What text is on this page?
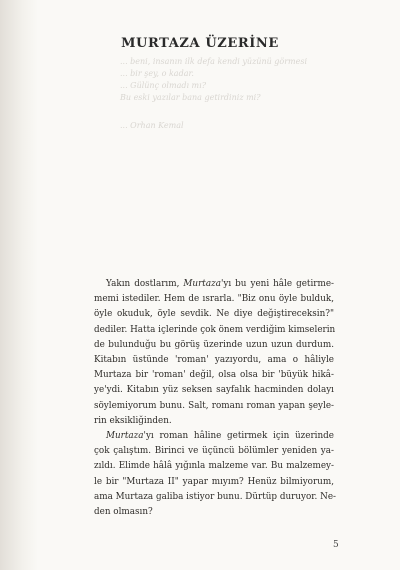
MURTAZA ÜZERİNE
... beni, insanın ilk defa kendi yüzünü görmesi
... bir şey, o kadar.
... Gülünç olmadı mı?
Bu eski yazılar bana getirdiniz mi?
... Orhan Kemal
Yakın dostlarım, Murtaza'yı bu yeni hâle getirme-
memi istediler. Hem de ısrarla. "Biz onu öyle bulduk,
öyle okuduk, öyle sevdik. Ne diye değiştireceksin?"
dediler. Hatta içlerinde çok önem verdiğim kimselerin
de bulunduğu bu görüş üzerinde uzun uzun durdum.
Kitabın üstünde 'roman' yazıyordu, ama o hâliyle
Murtaza bir 'roman' değil, olsa olsa bir 'büyük hikâ-
ye'ydi. Kitabın yüz seksen sayfalık hacminden dolayı
söylemiyorum bunu. Salt, romanı roman yapan şeyle-
rin eksikliğinden.
Murtaza'yı roman hâline getirmek için üzerinde
çok çalıştım. Birinci ve üçüncü bölümler yeniden ya-
zıldı. Elimde hâlâ yığınla malzeme var. Bu malzemey-
le bir "Murtaza II" yapar mıyım? Henüz bilmiyorum,
ama Murtaza galiba istiyor bunu. Dürtüp duruyor. Ne-
den olmasın?
5
